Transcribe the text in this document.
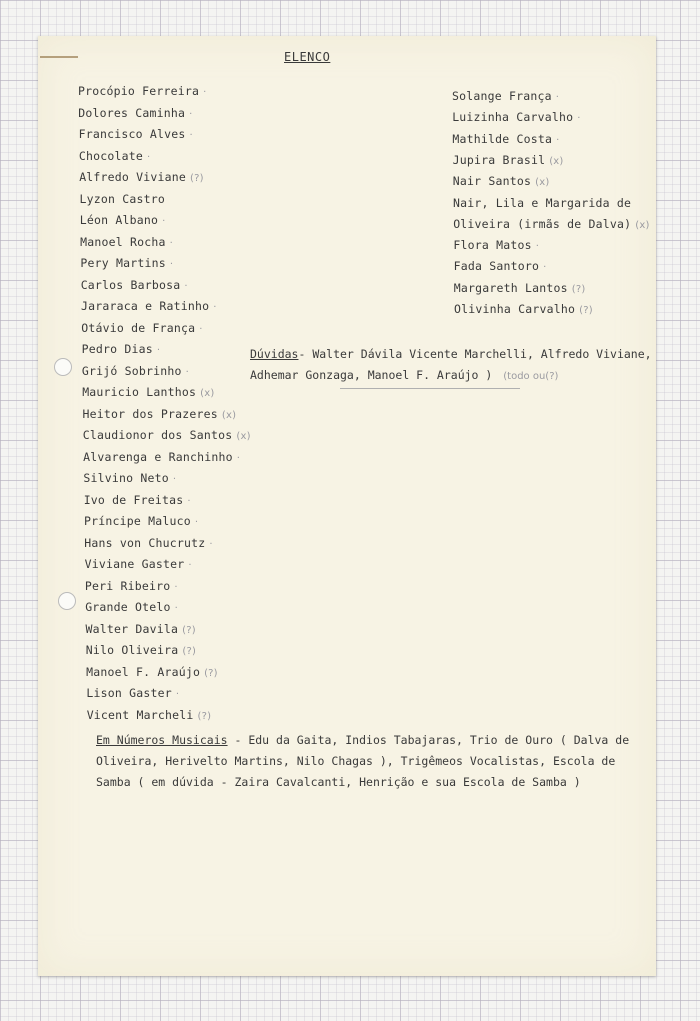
ELENCO
Procópio Ferreira ·
Dolores Caminha ·
Francisco Alves ·
Chocolate ·
Alfredo Viviane (?)
Lyzon Castro
Léon Albano ·
Manoel Rocha ·
Pery Martins ·
Carlos Barbosa ·
Jararaca e Ratinho ·
Otávio de França ·
Pedro Dias ·
Grijó Sobrinho ·
Mauricio Lanthos (x)
Heitor dos Prazeres (x)
Claudionor dos Santos (x)
Alvarenga e Ranchinho ·
Silvino Neto ·
Ivo de Freitas ·
Príncipe Maluco ·
Hans von Chucrutz ·
Viviane Gaster ·
Peri Ribeiro ·
Grande Otelo ·
Walter Davila (?)
Nilo Oliveira (?)
Manoel F. Araújo (?)
Lison Gaster ·
Vicent Marcheli (?)
Solange França ·
Luizinha Carvalho ·
Mathilde Costa ·
Jupira Brasil (x)
Nair Santos (x)
Nair, Lila e Margarida de
Oliveira (irmãs de Dalva) (x)
Flora Matos ·
Fada Santoro ·
Margareth Lantos (?)
Olivinha Carvalho (?)
Dúvidas- Walter Dávila Vicente Marchelli, Alfredo Viviane, Adhemar Gonzaga, Manoel F. Araújo ) (todo ou(?)
Em Números Musicais - Edu da Gaita, Indios Tabajaras, Trio de Ouro ( Dalva de Oliveira, Herivelto Martins, Nilo Chagas ), Trigêmeos Vocalistas, Escola de Samba ( em dúvida - Zaira Cavalcanti, Henrição e sua Escola de Samba )
